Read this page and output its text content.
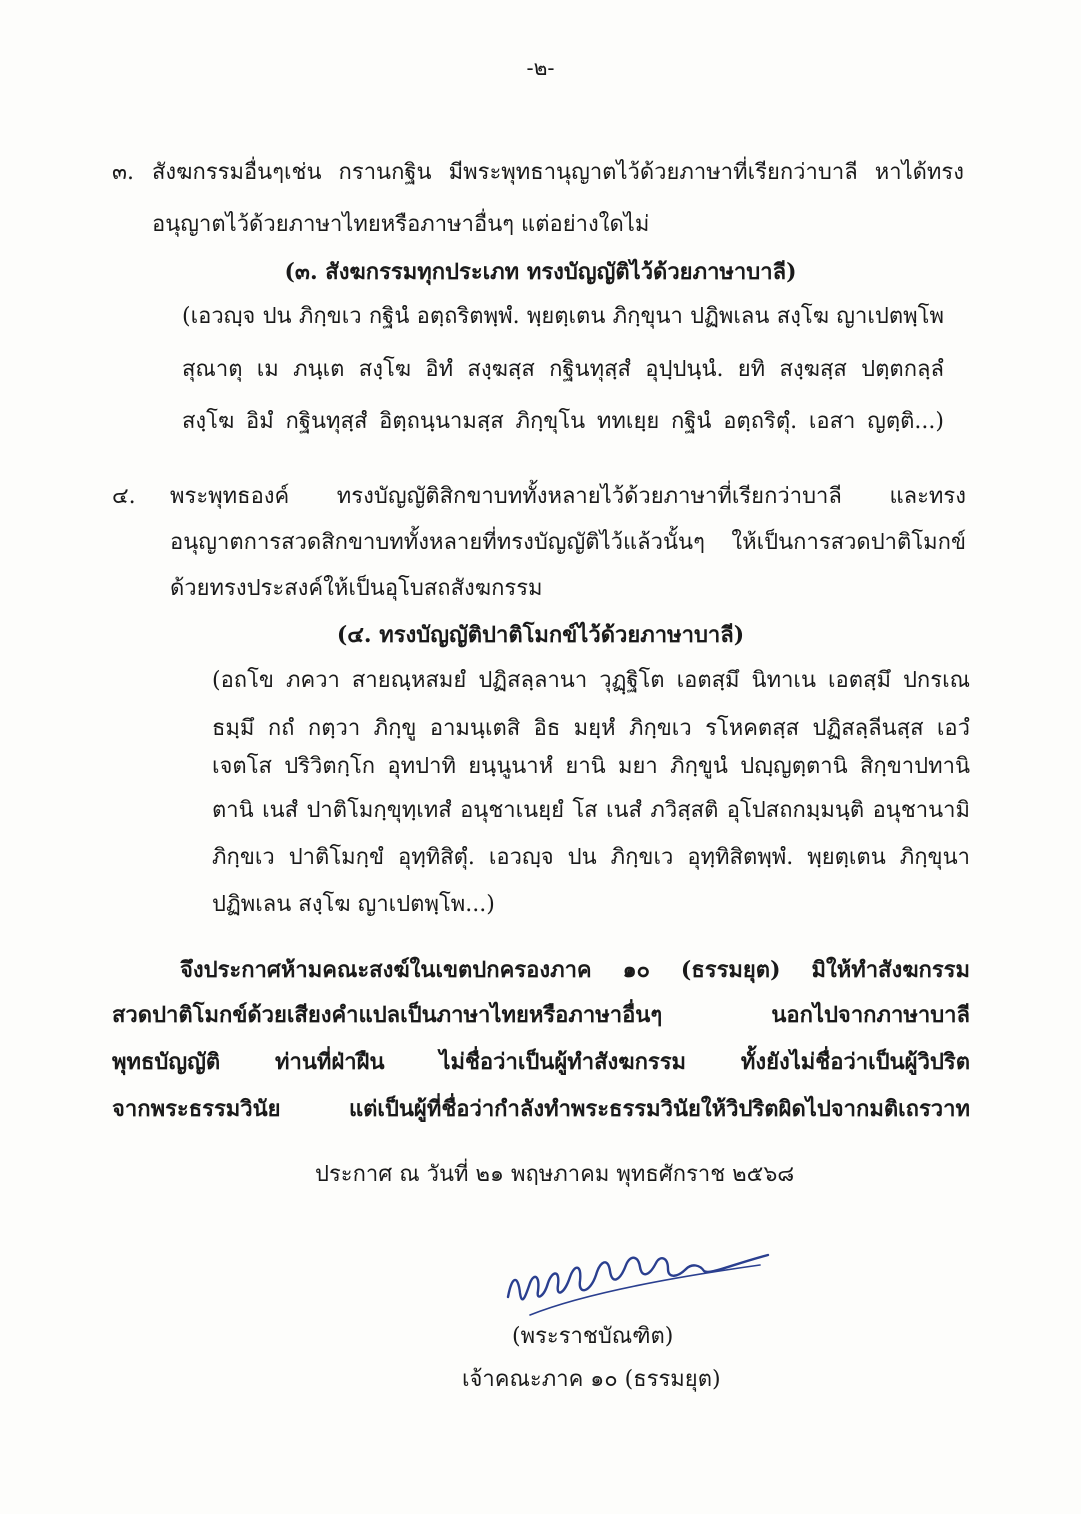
-๒-
๓. สังฆกรรมอื่นๆเช่น กรานกฐิน มีพระพุทธานุญาตไว้ด้วยภาษาที่เรียกว่าบาลี หาได้ทรง
อนุญาตไว้ด้วยภาษาไทยหรือภาษาอื่นๆ แต่อย่างใดไม่
(๓. สังฆกรรมทุกประเภท ทรงบัญญัติไว้ด้วยภาษาบาลี)
(เอวญฺจ ปน ภิกฺขเว กฐินํ อตฺถริตพฺพํ. พฺยตฺเตน ภิกฺขุนา ปฏิพเลน สงฺโฆ ญาเปตพฺโพ
สุณาตุ เม ภนฺเต สงฺโฆ อิทํ สงฺฆสฺส กฐินทุสฺสํ อุปฺปนฺนํ. ยทิ สงฺฆสฺส ปตฺตกลฺลํ
สงฺโฆ อิมํ กฐินทุสฺสํ อิตฺถนฺนามสฺส ภิกฺขุโน ททเยฺย กฐินํ อตฺถริตุํ. เอสา ญตฺติ...)
๔. พระพุทธองค์ ทรงบัญญัติสิกขาบททั้งหลายไว้ด้วยภาษาที่เรียกว่าบาลี และทรง
อนุญาตการสวดสิกขาบททั้งหลายที่ทรงบัญญัติไว้แล้วนั้นๆ ให้เป็นการสวดปาติโมกข์
ด้วยทรงประสงค์ให้เป็นอุโบสถสังฆกรรม
(๔. ทรงบัญญัติปาติโมกข์ไว้ด้วยภาษาบาลี)
(อถโข ภควา สายณฺหสมยํ ปฏิสลฺลานา วุฏฺฐิโต เอตสฺมึ นิทาเน เอตสฺมึ ปกรเณ
ธมฺมึ กถํ กตฺวา ภิกฺขู อามนฺเตสิ อิธ มยฺหํ ภิกฺขเว รโหคตสฺส ปฏิสลฺลีนสฺส เอวํ
เจตโส ปริวิตกฺโก อุทปาทิ ยนฺนูนาหํ ยานิ มยา ภิกฺขูนํ ปญฺญตฺตานิ สิกฺขาปทานิ
ตานิ เนสํ ปาติโมกฺขุทฺเทสํ อนุชาเนยฺยํ โส เนสํ ภวิสฺสติ อุโปสถกมฺมนฺติ อนุชานามิ
ภิกฺขเว ปาติโมกฺขํ อุทฺทิสิตุํ. เอวญฺจ ปน ภิกฺขเว อุทฺทิสิตพฺพํ. พฺยตฺเตน ภิกฺขุนา
ปฏิพเลน สงฺโฆ ญาเปตพฺโพ...)
จึงประกาศห้ามคณะสงฆ์ในเขตปกครองภาค ๑๐ (ธรรมยุต) มิให้ทำสังฆกรรม
สวดปาติโมกข์ด้วยเสียงคำแปลเป็นภาษาไทยหรือภาษาอื่นๆ นอกไปจากภาษาบาลี
พุทธบัญญัติ ท่านที่ฝ่าฝืน ไม่ชื่อว่าเป็นผู้ทำสังฆกรรม ทั้งยังไม่ชื่อว่าเป็นผู้วิปริต
จากพระธรรมวินัย แต่เป็นผู้ที่ชื่อว่ากำลังทำพระธรรมวินัยให้วิปริตผิดไปจากมติเถรวาท
ประกาศ ณ วันที่ ๒๑ พฤษภาคม พุทธศักราช ๒๕๖๘
(พระราชบัณฑิต)
เจ้าคณะภาค ๑๐ (ธรรมยุต)
